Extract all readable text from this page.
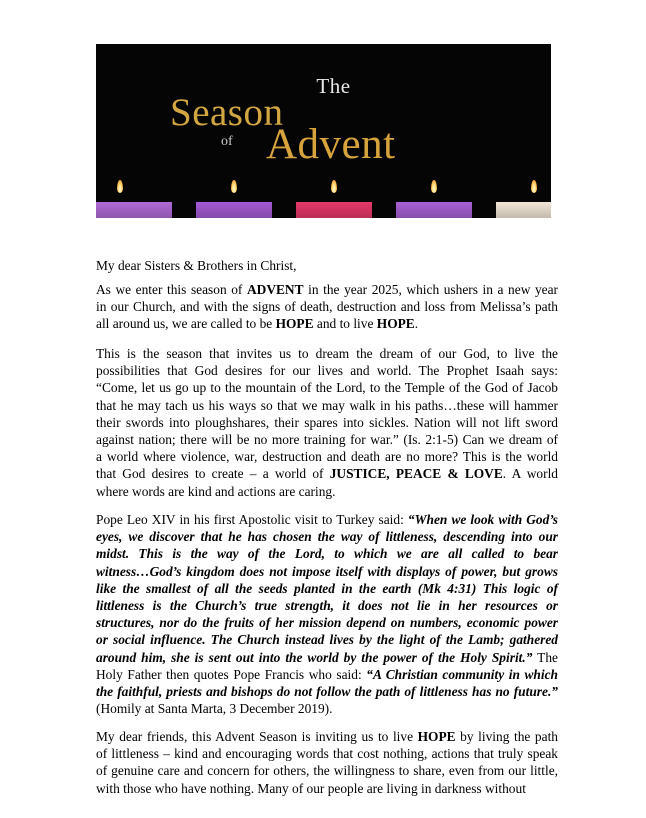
The
Season
of Advent
My dear Sisters & Brothers in Christ,
As we enter this season of ADVENT in the year 2025, which ushers in a new year
in our Church, and with the signs of death, destruction and loss from Melissa’s path
all around us, we are called to be HOPE and to live HOPE.
This is the season that invites us to dream the dream of our God, to live the
possibilities that God desires for our lives and world. The Prophet Isaah says:
“Come, let us go up to the mountain of the Lord, to the Temple of the God of Jacob
that he may tach us his ways so that we may walk in his paths…these will hammer
their swords into ploughshares, their spares into sickles. Nation will not lift sword
against nation; there will be no more training for war.” (Is. 2:1-5) Can we dream of
a world where violence, war, destruction and death are no more? This is the world
that God desires to create – a world of JUSTICE, PEACE & LOVE. A world
where words are kind and actions are caring.
Pope Leo XIV in his first Apostolic visit to Turkey said: “When we look with God’s
eyes, we discover that he has chosen the way of littleness, descending into our
midst. This is the way of the Lord, to which we are all called to bear
witness…God’s kingdom does not impose itself with displays of power, but grows
like the smallest of all the seeds planted in the earth (Mk 4:31) This logic of
littleness is the Church’s true strength, it does not lie in her resources or
structures, nor do the fruits of her mission depend on numbers, economic power
or social influence. The Church instead lives by the light of the Lamb; gathered
around him, she is sent out into the world by the power of the Holy Spirit.” The
Holy Father then quotes Pope Francis who said: “A Christian community in which
the faithful, priests and bishops do not follow the path of littleness has no future.”
(Homily at Santa Marta, 3 December 2019).
My dear friends, this Advent Season is inviting us to live HOPE by living the path
of littleness – kind and encouraging words that cost nothing, actions that truly speak
of genuine care and concern for others, the willingness to share, even from our little,
with those who have nothing. Many of our people are living in darkness without
